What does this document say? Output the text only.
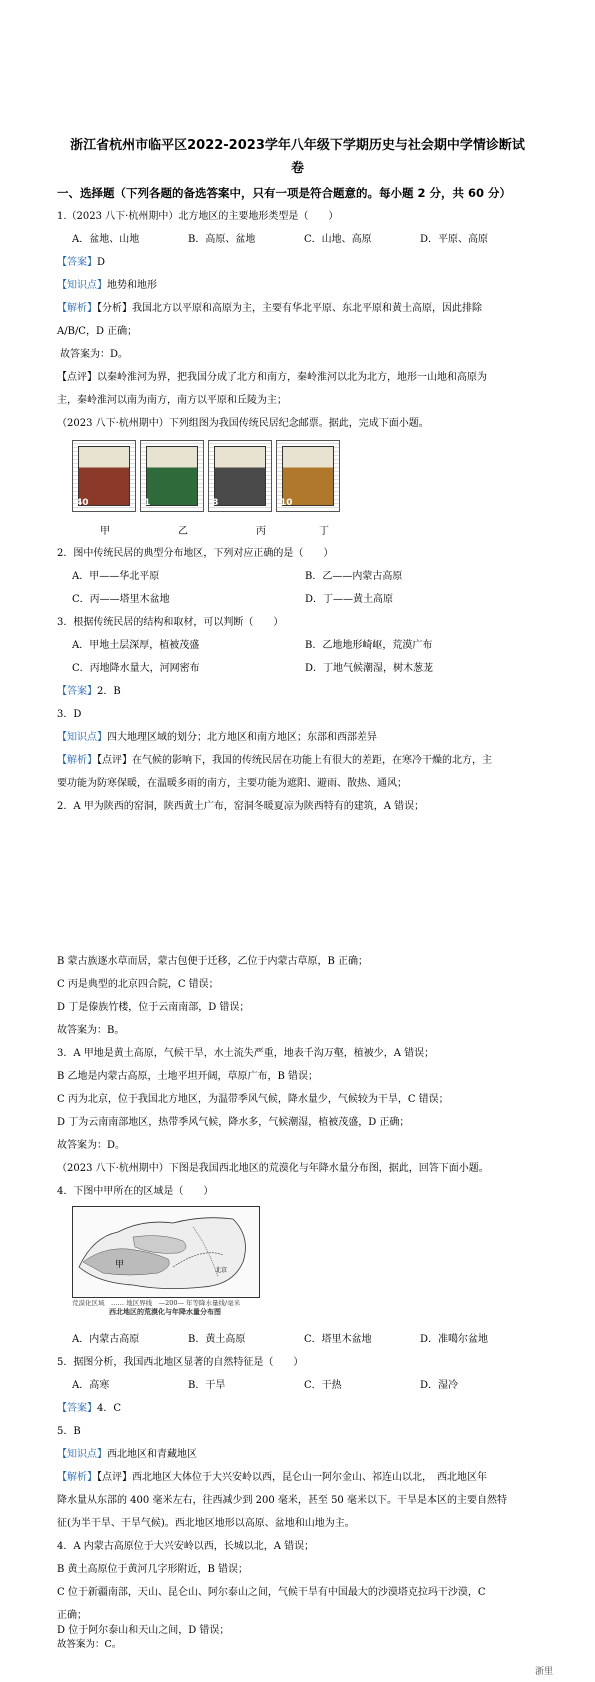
浙江省杭州市临平区2022-2023学年八年级下学期历史与社会期中学情诊断试
卷
一、选择题（下列各题的备选答案中，只有一项是符合题意的。每小题 2 分，共 60 分）
1.（2023 八下·杭州期中）北方地区的主要地形类型是（　　）
A．盆地、山地	B．高原、盆地	C．山地、高原	D．平原、高原
【答案】D
【知识点】地势和地形
【解析】【分析】我国北方以平原和高原为主，主要有华北平原、东北平原和黄土高原，因此排除
A/B/C，D 正确；
故答案为：D。
【点评】以秦岭淮河为界，把我国分成了北方和南方，秦岭淮河以北为北方，地形一山地和高原为
主，秦岭淮河以南为南方，南方以平原和丘陵为主；
（2023 八下·杭州期中）下列组图为我国传统民居纪念邮票。据此，完成下面小题。
40	1	8	10
甲	乙	丙	丁
2．图中传统民居的典型分布地区，下列对应正确的是（　　）
A．甲——华北平原	B．乙——内蒙古高原
C．丙——塔里木盆地	D．丁——黄土高原
3．根据传统民居的结构和取材，可以判断（　　）
A．甲地土层深厚，植被茂盛	B．乙地地形崎岖，荒漠广布
C．丙地降水量大，河网密布	D．丁地气候潮湿，树木葱茏
【答案】2．B
3．D
【知识点】四大地理区域的划分；北方地区和南方地区；东部和西部差异
【解析】【点评】在气候的影响下，我国的传统民居在功能上有很大的差距，在寒冷干燥的北方，主
要功能为防寒保暖，在温暖多雨的南方，主要功能为遮阳、避雨、散热、通风；
2．A 甲为陕西的窑洞，陕西黄土广布，窑洞冬暖夏凉为陕西特有的建筑，A 错误；
B 蒙古族逐水草而居，蒙古包便于迁移，乙位于内蒙古草原，B 正确；
C 丙是典型的北京四合院，C 错误；
D 丁是傣族竹楼，位于云南南部，D 错误；
故答案为：B。
3．A 甲地是黄土高原，气候干旱，水土流失严重，地表千沟万壑，植被少，A 错误；
B 乙地是内蒙古高原，土地平坦开阔，草原广布，B 错误；
C 丙为北京，位于我国北方地区，为温带季风气候，降水量少，气候较为干旱，C 错误；
D 丁为云南南部地区，热带季风气候，降水多，气候潮湿，植被茂盛，D 正确；
故答案为：D。
（2023 八下·杭州期中）下图是我国西北地区的荒漠化与年降水量分布图，据此，回答下面小题。
4．下图中甲所在的区域是（　　）
甲
北京
荒漠化区域　…… 地区界线　—200— 年等降水量线/毫米
西北地区的荒漠化与年降水量分布图
A．内蒙古高原	B．黄土高原	C．塔里木盆地	D．准噶尔盆地
5．据图分析，我国西北地区显著的自然特征是（　　）
A．高寒	B．干旱	C．干热	D．湿冷
【答案】4．C
5．B
【知识点】西北地区和青藏地区
【解析】【点评】西北地区大体位于大兴安岭以西，昆仑山一阿尔金山、祁连山以北，　西北地区年
降水量从东部的 400 毫米左右，往西减少到 200 毫米，甚至 50 毫米以下。干旱是本区的主要自然特
征(为半干旱、干旱气候)。西北地区地形以高原、盆地和山地为主。
4．A 内蒙古高原位于大兴安岭以西，长城以北，A 错误；
B 黄土高原位于黄河几字形附近，B 错误；
C 位于新疆南部，天山、昆仑山、阿尔泰山之间，气候干旱有中国最大的沙漠塔克拉玛干沙漠，C
正确；
D 位于阿尔泰山和天山之间，D 错误；
故答案为：C。
浙里
